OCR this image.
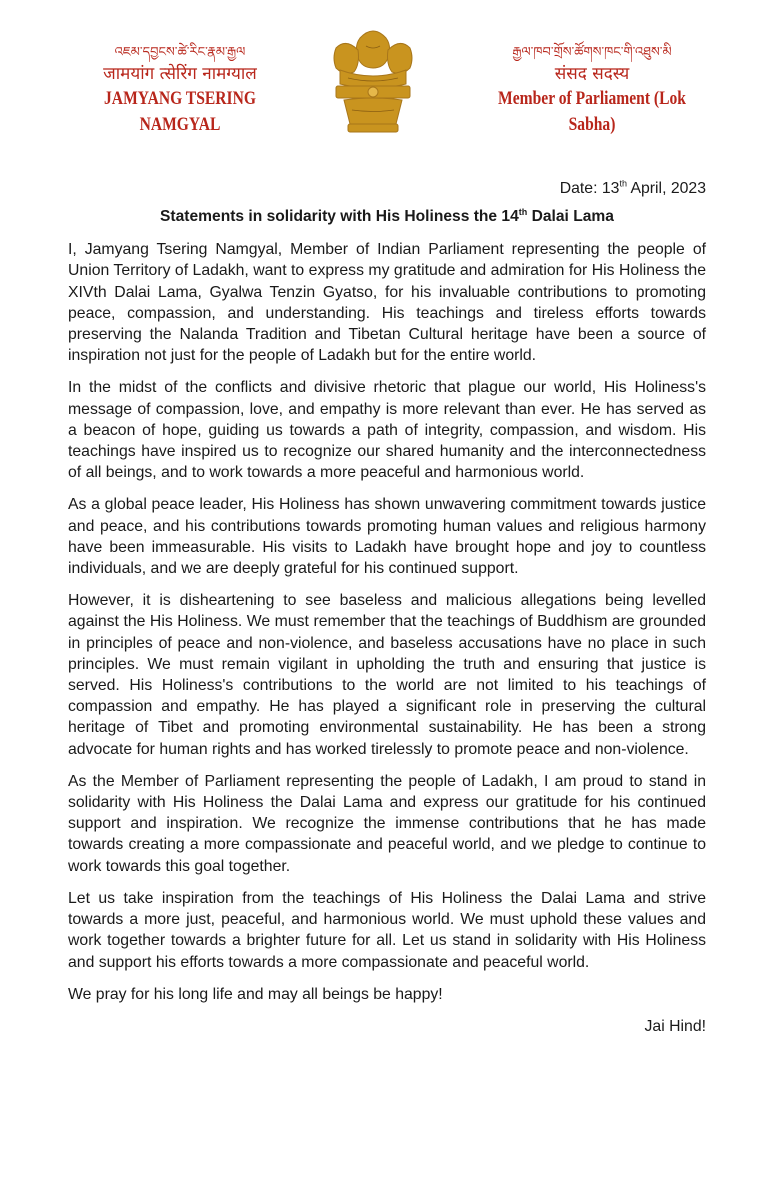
འཇམ་དབྱངས་ཚེ་རིང་རྣམ་རྒྱལ
जामयांग त्सेरिंग नामग्याल
JAMYANG TSERING NAMGYAL
རྒྱལ་ཁབ་གྲོས་ཚོགས་ཁང་གི་འཐུས་མི
संसद सदस्य
Member of Parliament (Lok Sabha)
Date: 13th April, 2023
Statements in solidarity with His Holiness the 14th Dalai Lama

I, Jamyang Tsering Namgyal, Member of Indian Parliament representing the people of Union Territory of Ladakh, want to express my gratitude and admiration for His Holiness the XIVth Dalai Lama, Gyalwa Tenzin Gyatso, for his invaluable contributions to promoting peace, compassion, and understanding. His teachings and tireless efforts towards preserving the Nalanda Tradition and Tibetan Cultural heritage have been a source of inspiration not just for the people of Ladakh but for the entire world.

In the midst of the conflicts and divisive rhetoric that plague our world, His Holiness's message of compassion, love, and empathy is more relevant than ever. He has served as a beacon of hope, guiding us towards a path of integrity, compassion, and wisdom. His teachings have inspired us to recognize our shared humanity and the interconnectedness of all beings, and to work towards a more peaceful and harmonious world.

As a global peace leader, His Holiness has shown unwavering commitment towards justice and peace, and his contributions towards promoting human values and religious harmony have been immeasurable. His visits to Ladakh have brought hope and joy to countless individuals, and we are deeply grateful for his continued support.

However, it is disheartening to see baseless and malicious allegations being levelled against the His Holiness. We must remember that the teachings of Buddhism are grounded in principles of peace and non-violence, and baseless accusations have no place in such principles. We must remain vigilant in upholding the truth and ensuring that justice is served. His Holiness's contributions to the world are not limited to his teachings of compassion and empathy. He has played a significant role in preserving the cultural heritage of Tibet and promoting environmental sustainability. He has been a strong advocate for human rights and has worked tirelessly to promote peace and non-violence.

As the Member of Parliament representing the people of Ladakh, I am proud to stand in solidarity with His Holiness the Dalai Lama and express our gratitude for his continued support and inspiration. We recognize the immense contributions that he has made towards creating a more compassionate and peaceful world, and we pledge to continue to work towards this goal together.

Let us take inspiration from the teachings of His Holiness the Dalai Lama and strive towards a more just, peaceful, and harmonious world. We must uphold these values and work together towards a brighter future for all. Let us stand in solidarity with His Holiness and support his efforts towards a more compassionate and peaceful world.

We pray for his long life and may all beings be happy!

Jai Hind!
